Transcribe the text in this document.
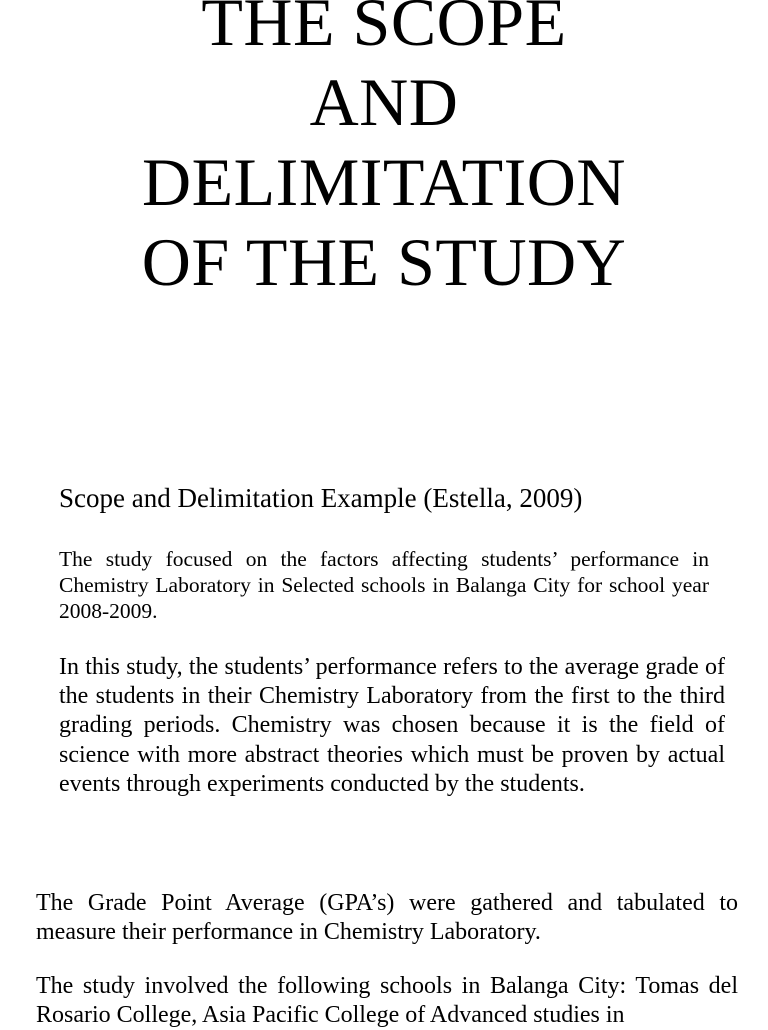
THE SCOPE
AND
DELIMITATION
OF THE STUDY
Scope and Delimitation Example (Estella, 2009)

The study focused on the factors affecting students’ performance in Chemistry Laboratory in Selected schools in Balanga City for school year 2008-2009.

In this study, the students’ performance refers to the average grade of the students in their Chemistry Laboratory from the first to the third grading periods. Chemistry was chosen because it is the field of science with more abstract theories which must be proven by actual events through experiments conducted by the students.

The Grade Point Average (GPA’s) were gathered and tabulated to measure their performance in Chemistry Laboratory.

The study involved the following schools in Balanga City: Tomas del Rosario College, Asia Pacific College of Advanced studies in
